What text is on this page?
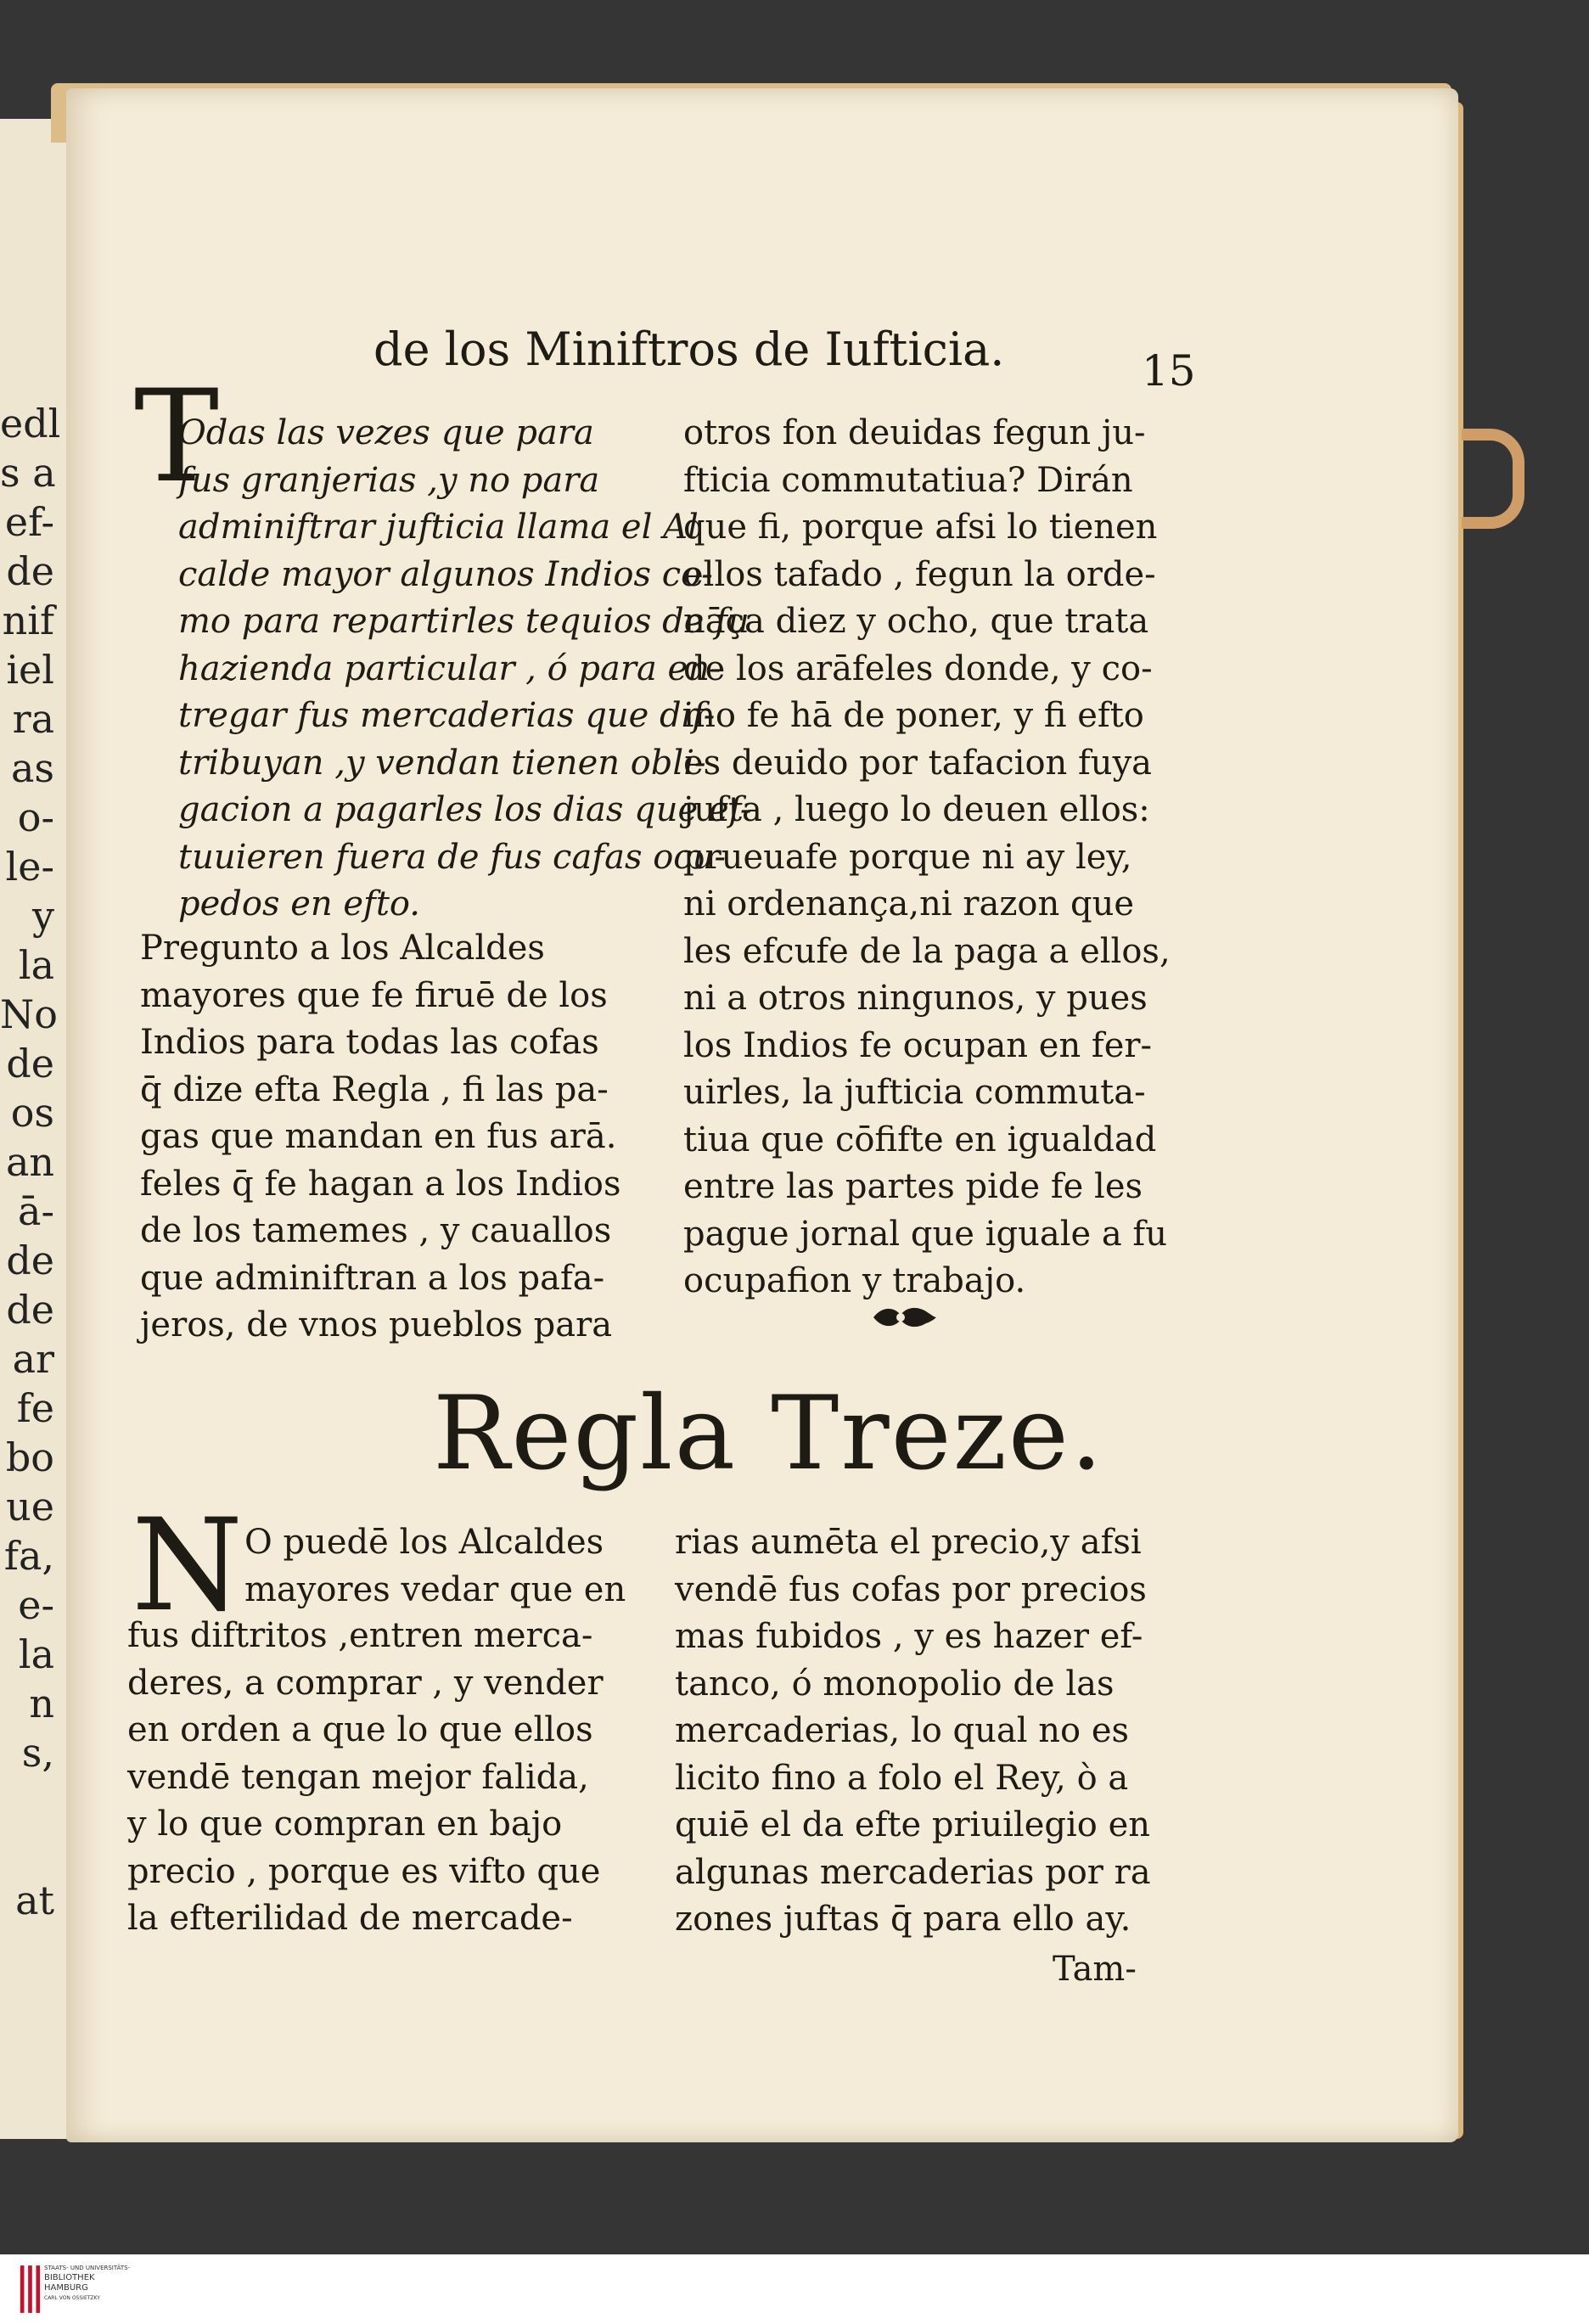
edl
s a
ef-
de
nif
iel
ra
as
o-
le-
y
la
No
de
os
an
ā-
de
de
ar
fe
bo
ue
fa,
e-
la
n
s,
at
de los Miniftros de Iufticia.	15
T
Odas las vezes que para
fus granjerias ,y no para
adminiftrar jufticia llama el Al
calde mayor algunos Indios co-
mo para repartirles tequios de fu
hazienda particular , ó para en-
tregar fus mercaderias que dif-
tribuyan ,y vendan tienen obli-
gacion a pagarles los dias que ef-
tuuieren fuera de fus cafas ocu-
pedos en efto.
Pregunto a los Alcaldes
mayores que fe firuē de los
Indios para todas las cofas
q̄ dize efta Regla , fi las pa-
gas que mandan en fus arā.
feles q̄ fe hagan a los Indios
de los tamemes , y cauallos
que adminiftran a los pafa-
jeros, de vnos pueblos para
otros fon deuidas fegun ju-
fticia commutatiua? Dirán
que fi, porque afsi lo tienen
ellos tafado , fegun la orde-
nāça diez y ocho, que trata
de los arāfeles donde, y co-
mo fe hā de poner, y fi efto
es deuido por tafacion fuya
jufta , luego lo deuen ellos:
prueuafe porque ni ay ley,
ni ordenança,ni razon que
les efcufe de la paga a ellos,
ni a otros ningunos, y pues
los Indios fe ocupan en fer-
uirles, la jufticia commuta-
tiua que cōfifte en igualdad
entre las partes pide fe les
pague jornal que iguale a fu
ocupafion y trabajo.
Regla Treze.
N O puedē los Alcaldes
mayores vedar que en
fus diftritos ,entren merca-
deres, a comprar , y vender
en orden a que lo que ellos
vendē tengan mejor falida,
y lo que compran en bajo
precio , porque es vifto que
la efterilidad de mercade-
rias aumēta el precio,y afsi
vendē fus cofas por precios
mas fubidos , y es hazer ef-
tanco, ó monopolio de las
mercaderias, lo qual no es
licito fino a folo el Rey, ò a
quiē el da efte priuilegio en
algunas mercaderias por ra
zones juftas q̄ para ello ay.
Tam-
STAATS- UND UNIVERSITÄTS-
BIBLIOTHEK
HAMBURG
CARL VON OSSIETZKY
